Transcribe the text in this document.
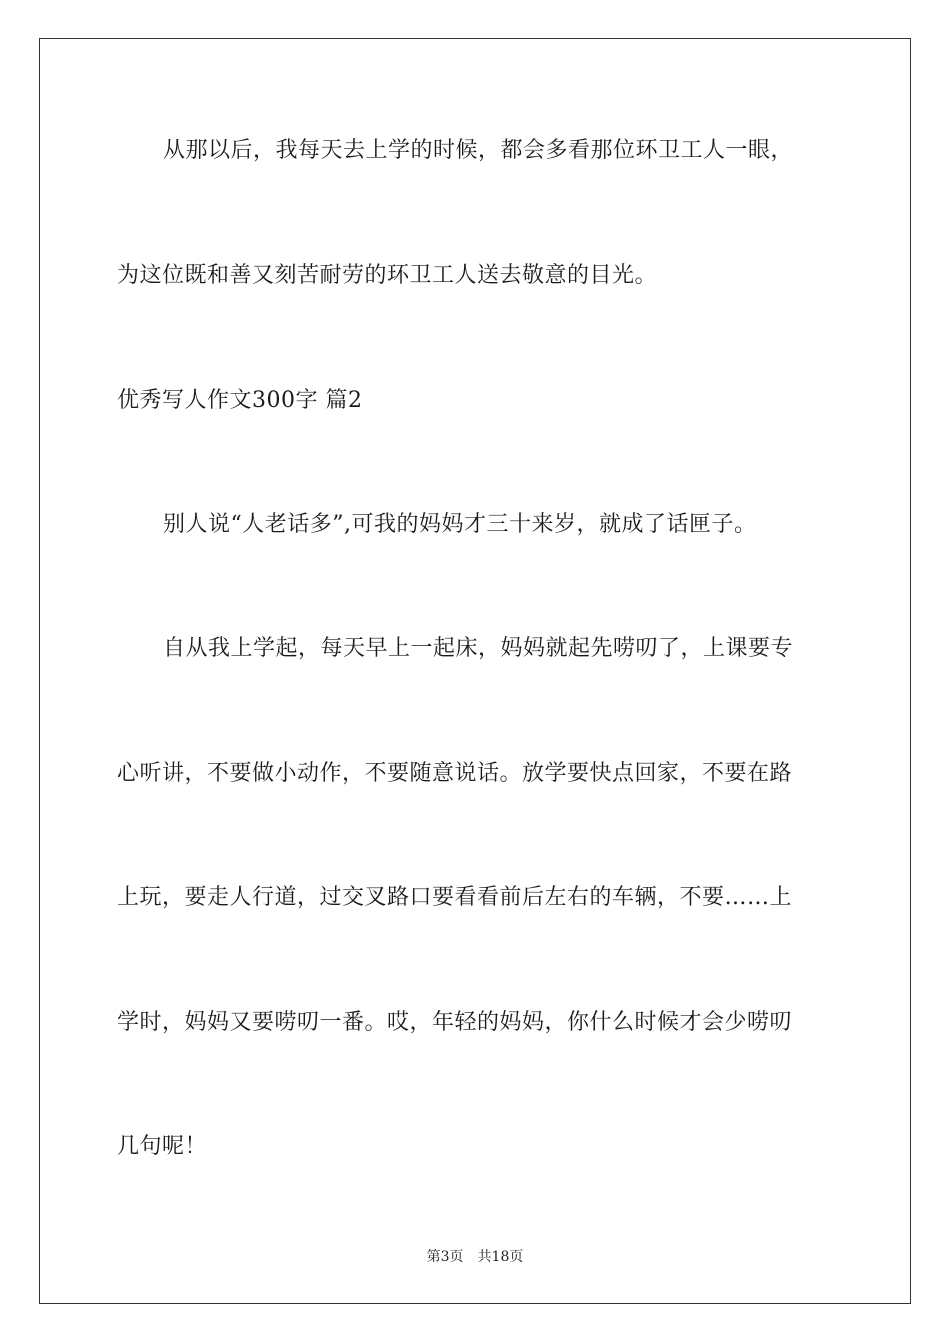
从那以后，我每天去上学的时候，都会多看那位环卫工人一眼，
为这位既和善又刻苦耐劳的环卫工人送去敬意的目光。
优秀写人作文300字 篇2
别人说“人老话多”,可我的妈妈才三十来岁，就成了话匣子。
自从我上学起，每天早上一起床，妈妈就起先唠叨了，上课要专
心听讲，不要做小动作，不要随意说话。放学要快点回家，不要在路
上玩，要走人行道，过交叉路口要看看前后左右的车辆，不要……上
学时，妈妈又要唠叨一番。哎，年轻的妈妈，你什么时候才会少唠叨
几句呢！
第3页 共18页
